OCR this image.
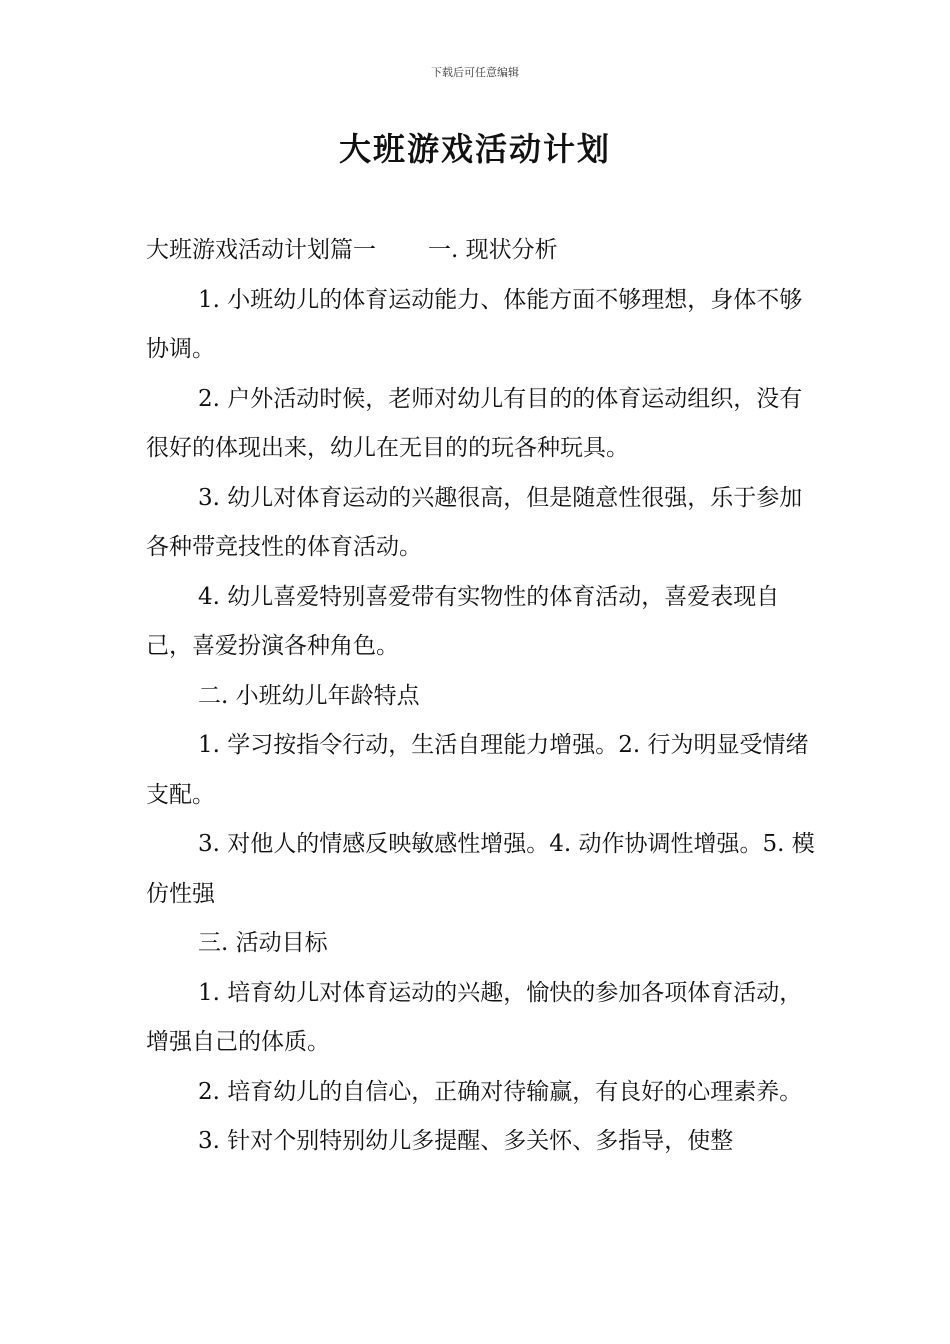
下载后可任意编辑
大班游戏活动计划

大班游戏活动计划篇一 一. 现状分析

1. 小班幼儿的体育运动能力、体能方面不够理想，身体不够协调。

2. 户外活动时候，老师对幼儿有目的的体育运动组织，没有很好的体现出来，幼儿在无目的的玩各种玩具。

3. 幼儿对体育运动的兴趣很高，但是随意性很强，乐于参加各种带竞技性的体育活动。

4. 幼儿喜爱特别喜爱带有实物性的体育活动，喜爱表现自己，喜爱扮演各种角色。

二. 小班幼儿年龄特点

1. 学习按指令行动，生活自理能力增强。2. 行为明显受情绪支配。

3. 对他人的情感反映敏感性增强。4. 动作协调性增强。5. 模仿性强

三. 活动目标

1. 培育幼儿对体育运动的兴趣，愉快的参加各项体育活动，增强自己的体质。

2. 培育幼儿的自信心，正确对待输赢，有良好的心理素养。

3. 针对个别特别幼儿多提醒、多关怀、多指导，使整
